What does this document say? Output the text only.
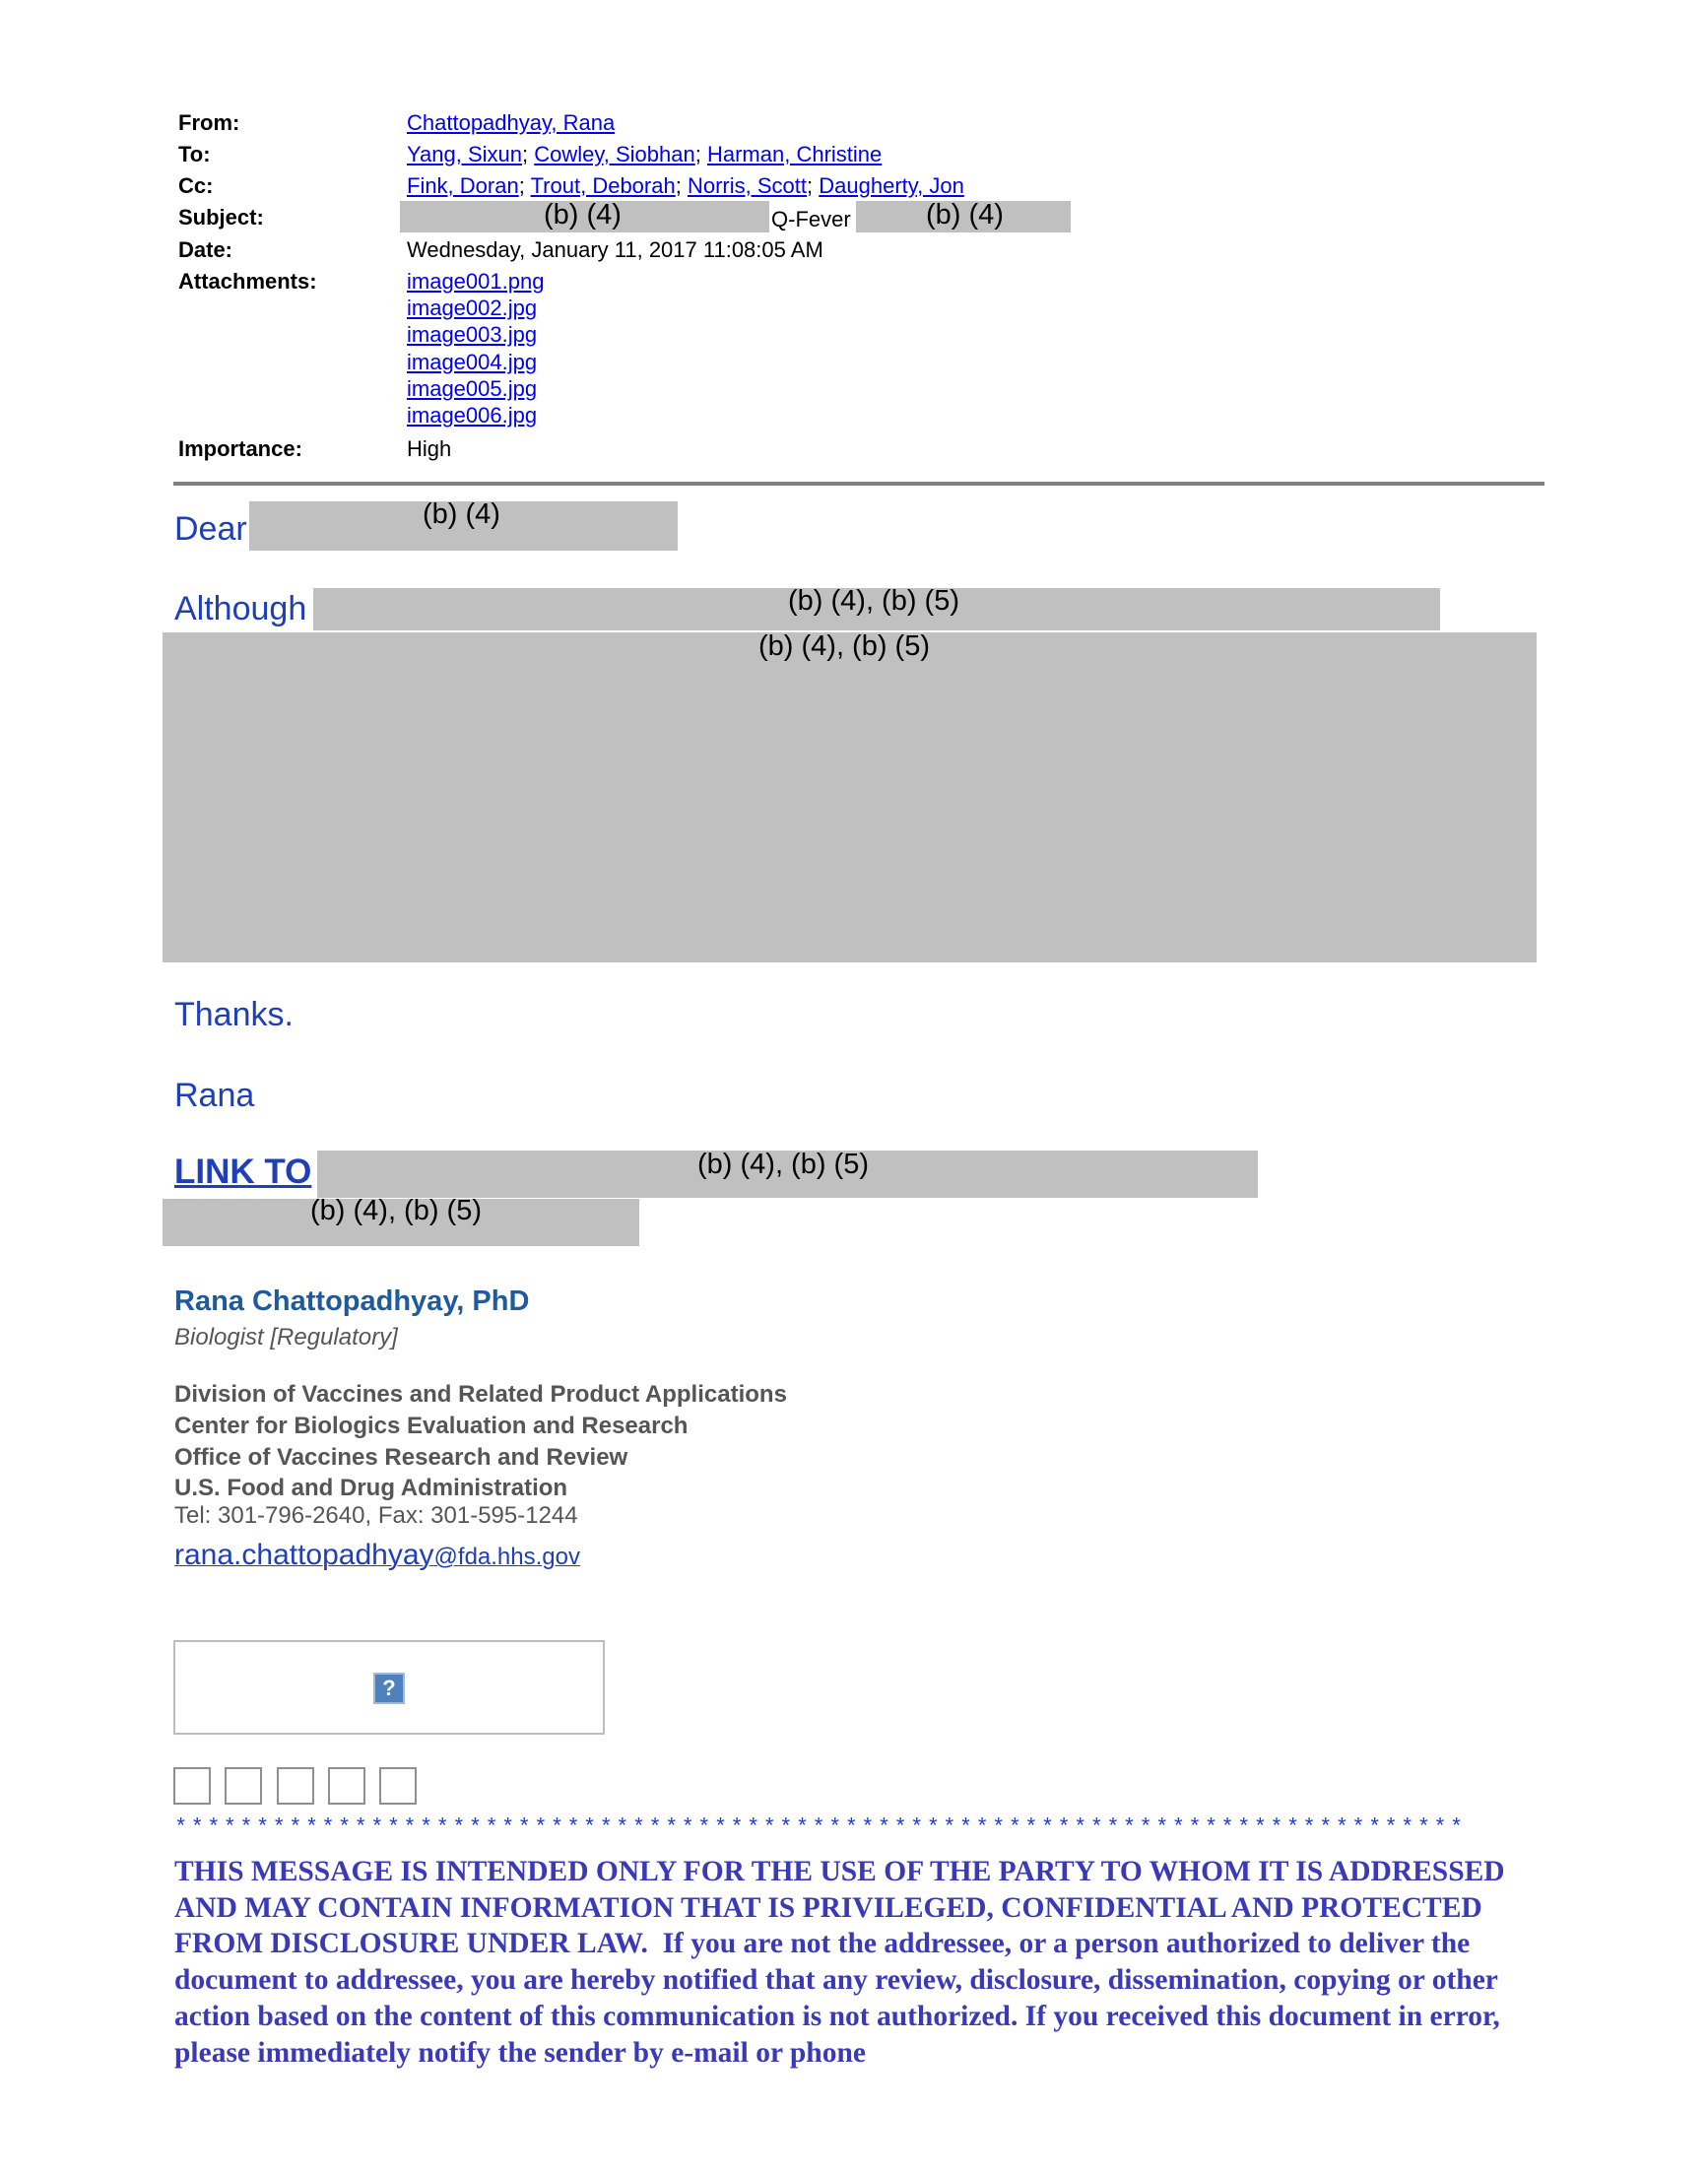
From:	Chattopadhyay, Rana
To:	Yang, Sixun; Cowley, Siobhan; Harman, Christine
Cc:	Fink, Doran; Trout, Deborah; Norris, Scott; Daugherty, Jon
Subject:	(b) (4)	Q-Fever	(b) (4)
Date:	Wednesday, January 11, 2017 11:08:05 AM
Attachments:	image001.png
image002.jpg
image003.jpg
image004.jpg
image005.jpg
image006.jpg
Importance:	High
Dear	(b) (4)
Although	(b) (4), (b) (5)
(b) (4), (b) (5)
Thanks.
Rana
LINK TO	(b) (4), (b) (5)
(b) (4), (b) (5)
Rana Chattopadhyay, PhD
Biologist [Regulatory]
Division of Vaccines and Related Product Applications
Center for Biologics Evaluation and Research
Office of Vaccines Research and Review
U.S. Food and Drug Administration
Tel: 301-796-2640, Fax: 301-595-1244
rana.chattopadhyay@fda.hhs.gov
?
*******************************************************************************
THIS MESSAGE IS INTENDED ONLY FOR THE USE OF THE PARTY TO WHOM IT IS ADDRESSED AND MAY CONTAIN INFORMATION THAT IS PRIVILEGED, CONFIDENTIAL AND PROTECTED FROM DISCLOSURE UNDER LAW. If you are not the addressee, or a person authorized to deliver the document to addressee, you are hereby notified that any review, disclosure, dissemination, copying or other action based on the content of this communication is not authorized. If you received this document in error, please immediately notify the sender by e-mail or phone
